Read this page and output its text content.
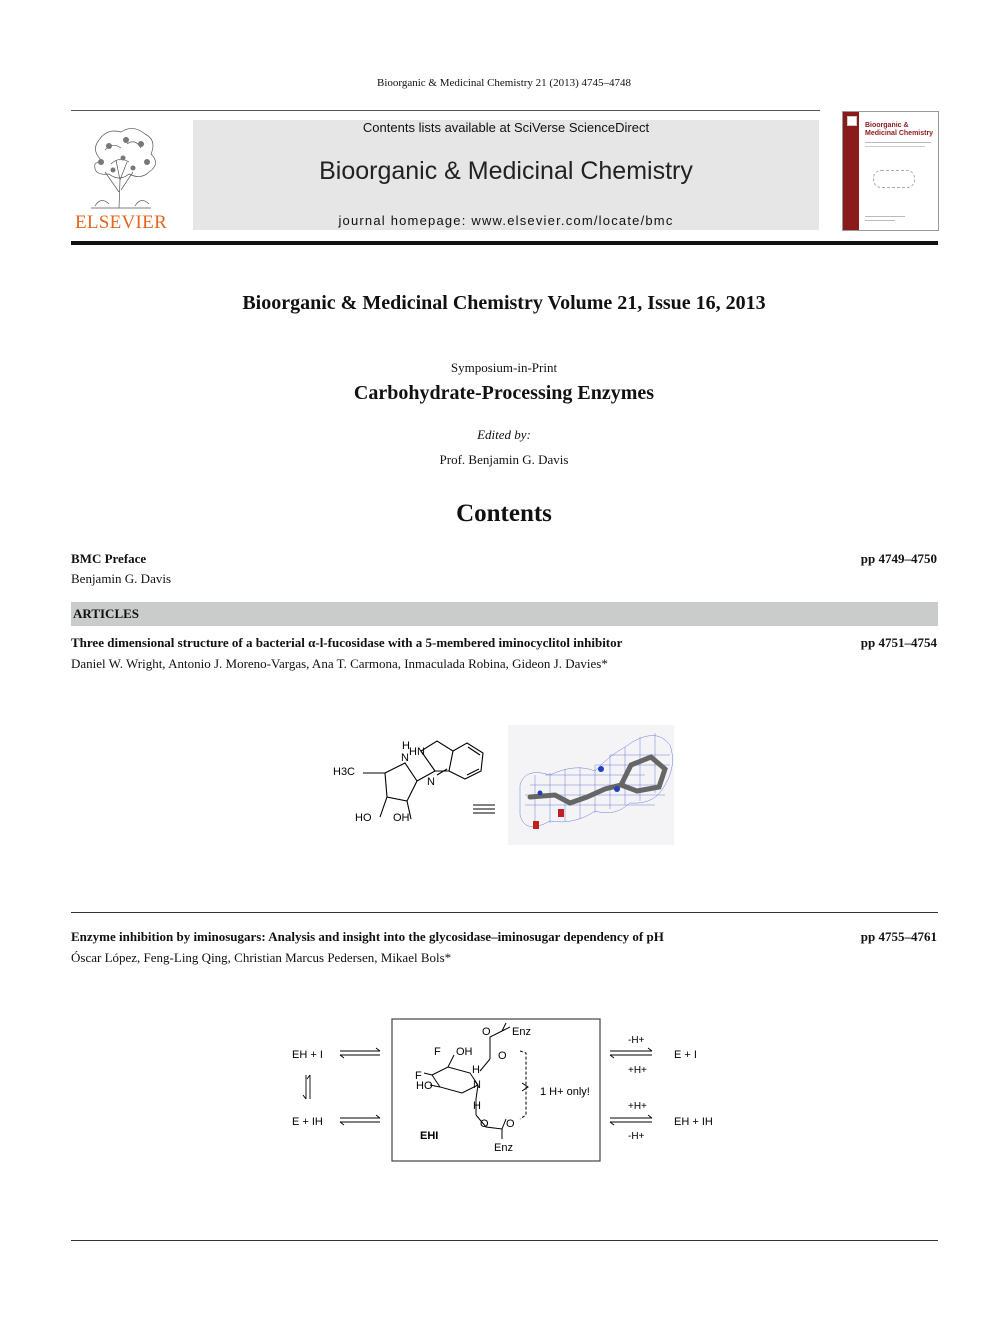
Bioorganic & Medicinal Chemistry 21 (2013) 4745–4748
ELSEVIER
Contents lists available at SciVerse ScienceDirect
Bioorganic & Medicinal Chemistry
journal homepage: www.elsevier.com/locate/bmc
Bioorganic & Medicinal Chemistry
Bioorganic & Medicinal Chemistry Volume 21, Issue 16, 2013
Symposium-in-Print
Carbohydrate-Processing Enzymes
Edited by:
Prof. Benjamin G. Davis
Contents
BMC Preface	pp 4749–4750
Benjamin G. Davis
ARTICLES
Three dimensional structure of a bacterial α-l-fucosidase with a 5-membered iminocyclitol inhibitor	pp 4751–4754
Daniel W. Wright, Antonio J. Moreno-Vargas, Ana T. Carmona, Inmaculada Robina, Gideon J. Davies*
H3C
N
H HN
N
HO OH
Enzyme inhibition by iminosugars: Analysis and insight into the glycosidase–iminosugar dependency of pH	pp 4755–4761
Óscar López, Feng-Ling Qing, Christian Marcus Pedersen, Mikael Bols*
EH + I
E + IH
F OH
F
HO
H
N
H
O
O
O O
Enz
Enz
EHI
1 H+ only!
-H+
+H+
+H+
-H+
E + I
EH + IH
